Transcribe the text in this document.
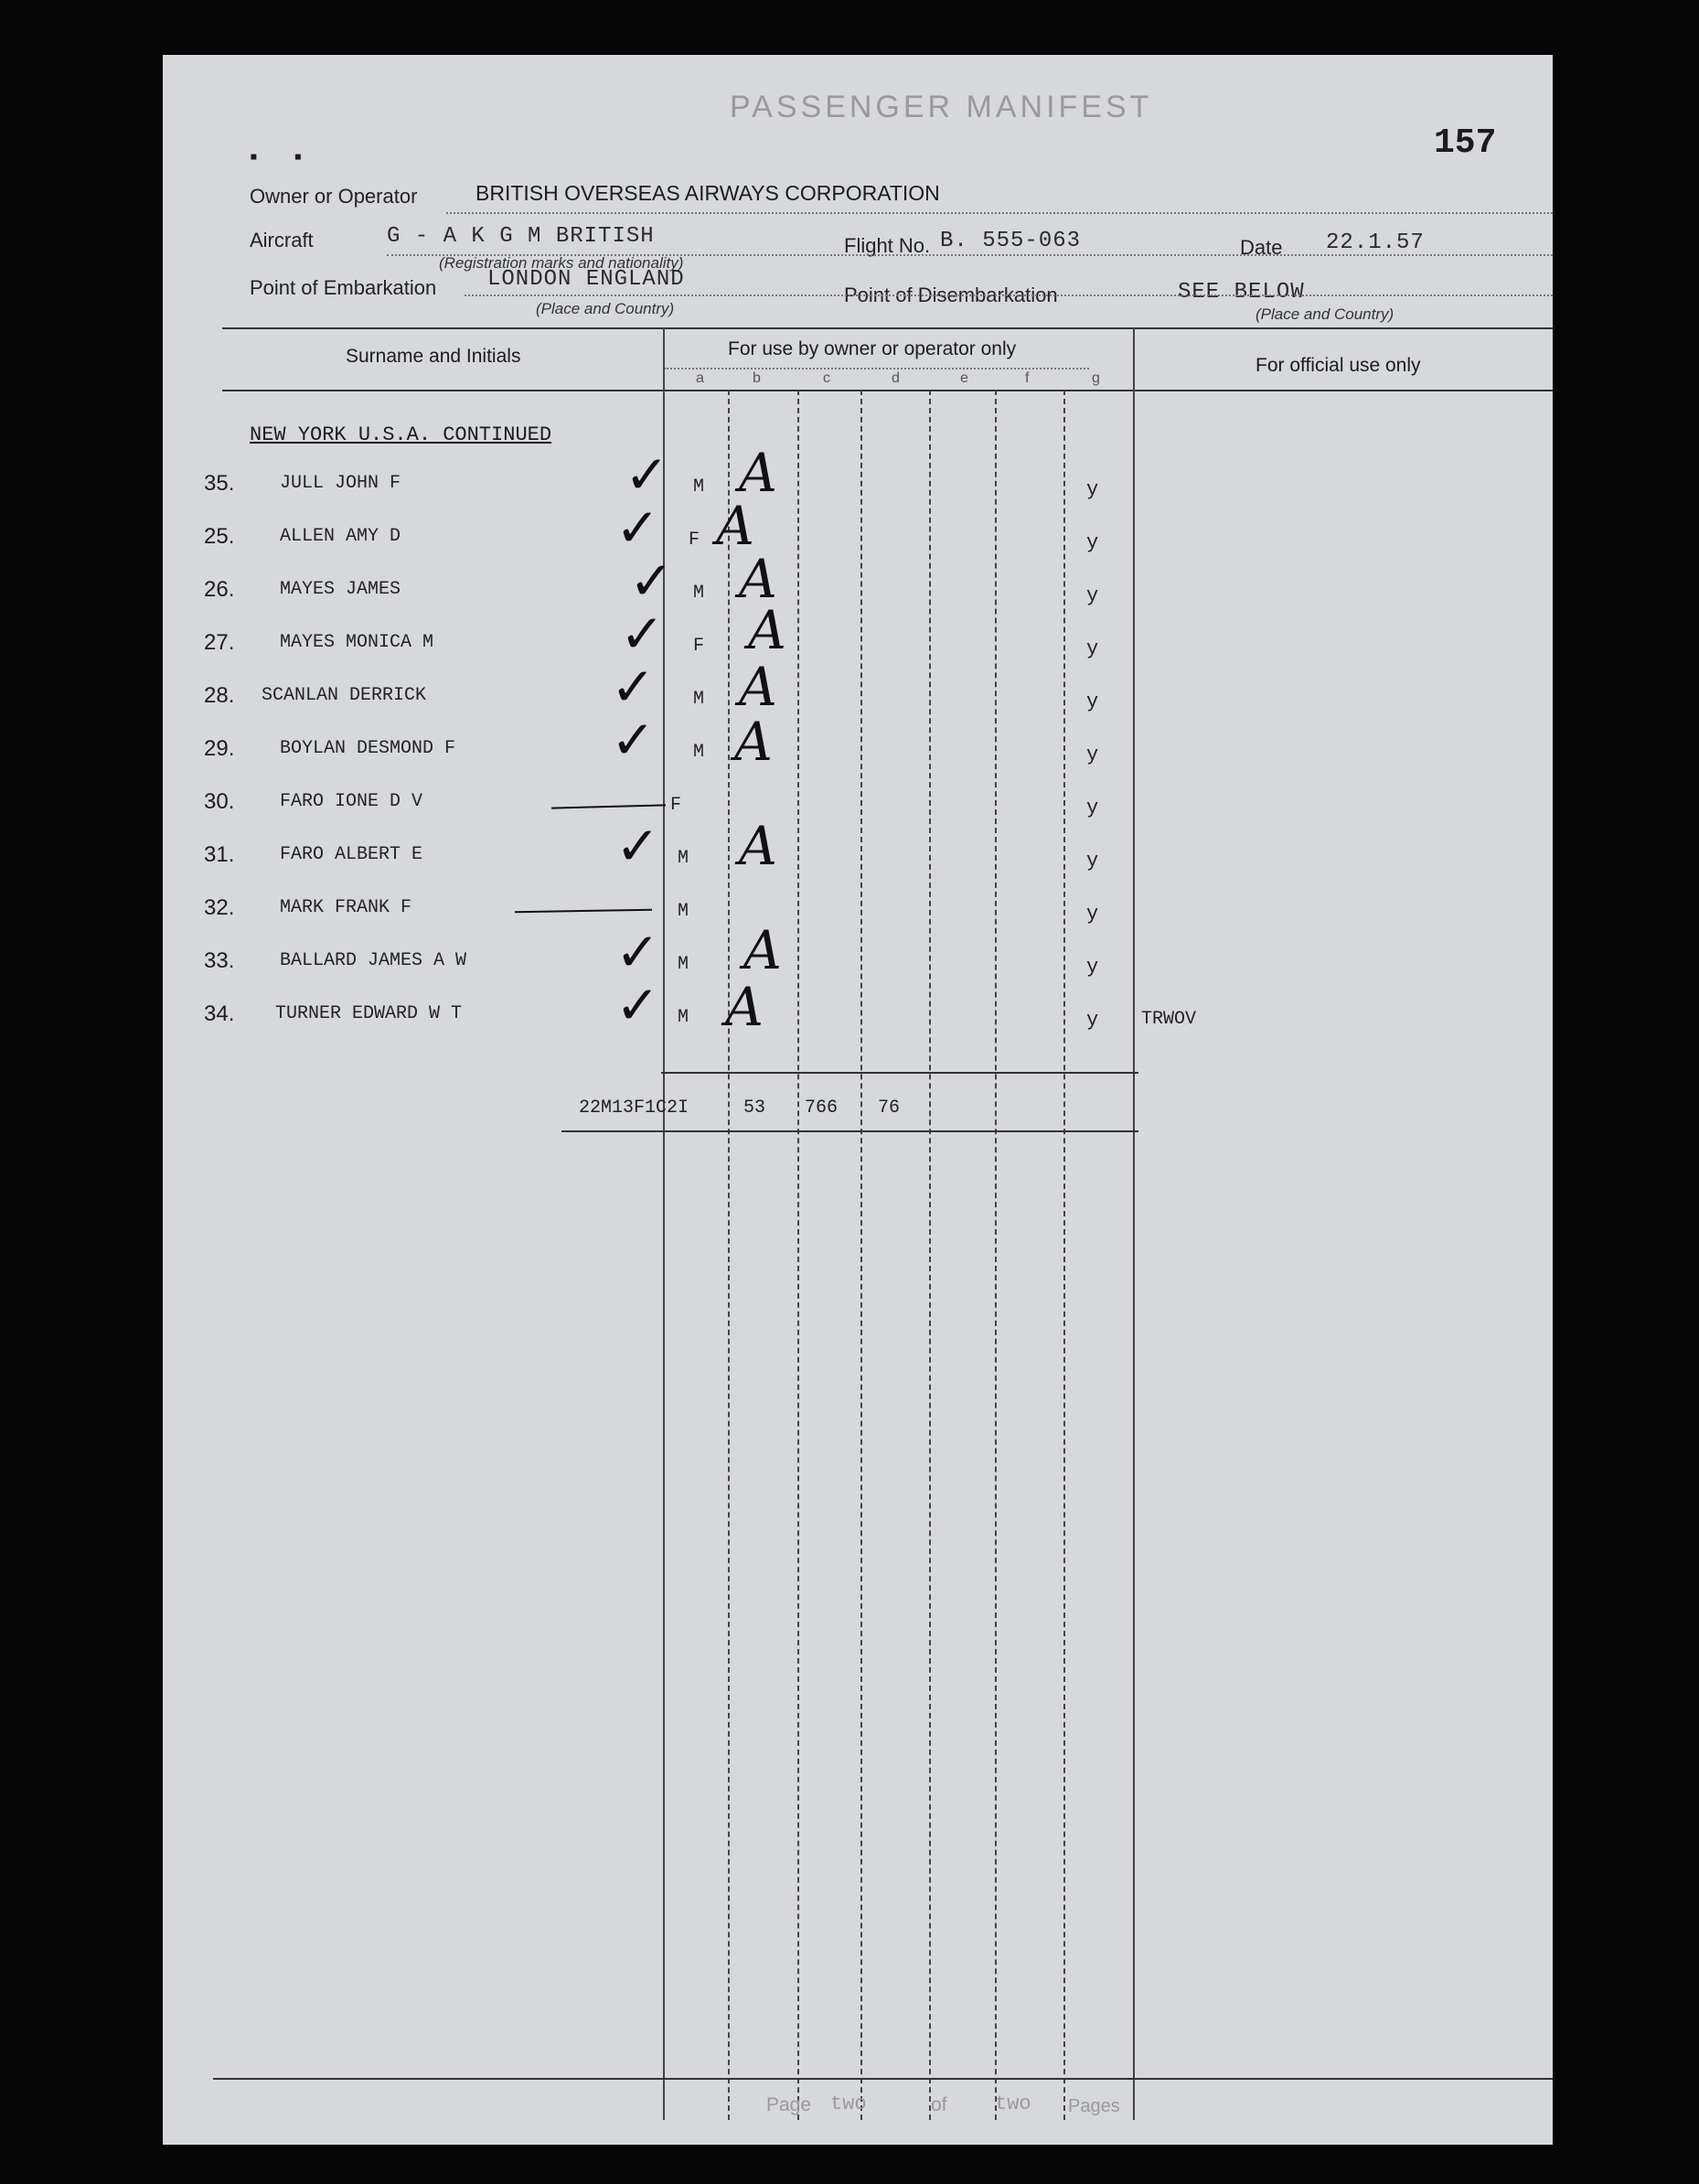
PASSENGER MANIFEST
157
▪      ▪
Owner or Operator	BRITISH OVERSEAS AIRWAYS CORPORATION
Aircraft	G - A K G M BRITISH
(Registration marks and nationality)
Flight No. B. 555-063	Date 22.1.57
Point of Embarkation LONDON ENGLAND
(Place and Country)
Point of Disembarkation	SEE BELOW
(Place and Country)
Surname and Initials	For use by owner or operator only
For official use only
a	b	c	d	e	f	g
NEW YORK U.S.A. CONTINUED
35. JULL JOHN F	✓ M A	y
25. ALLEN AMY D	✓ F A	y
26. MAYES JAMES	✓ M A	y
27. MAYES MONICA M	✓ F A	y
28. SCANLAN DERRICK	✓ M A	y
29. BOYLAN DESMOND F	✓ M A	y
30. FARO IONE D V	F	y
31. FARO ALBERT E	✓ M A	y
32. MARK FRANK F	M	y
33. BALLARD JAMES A W	✓ M A	y
34. TURNER EDWARD W T	✓ M A	y TRWOV
22M13F1C2I	53 766 76
Page two	of two Pages
